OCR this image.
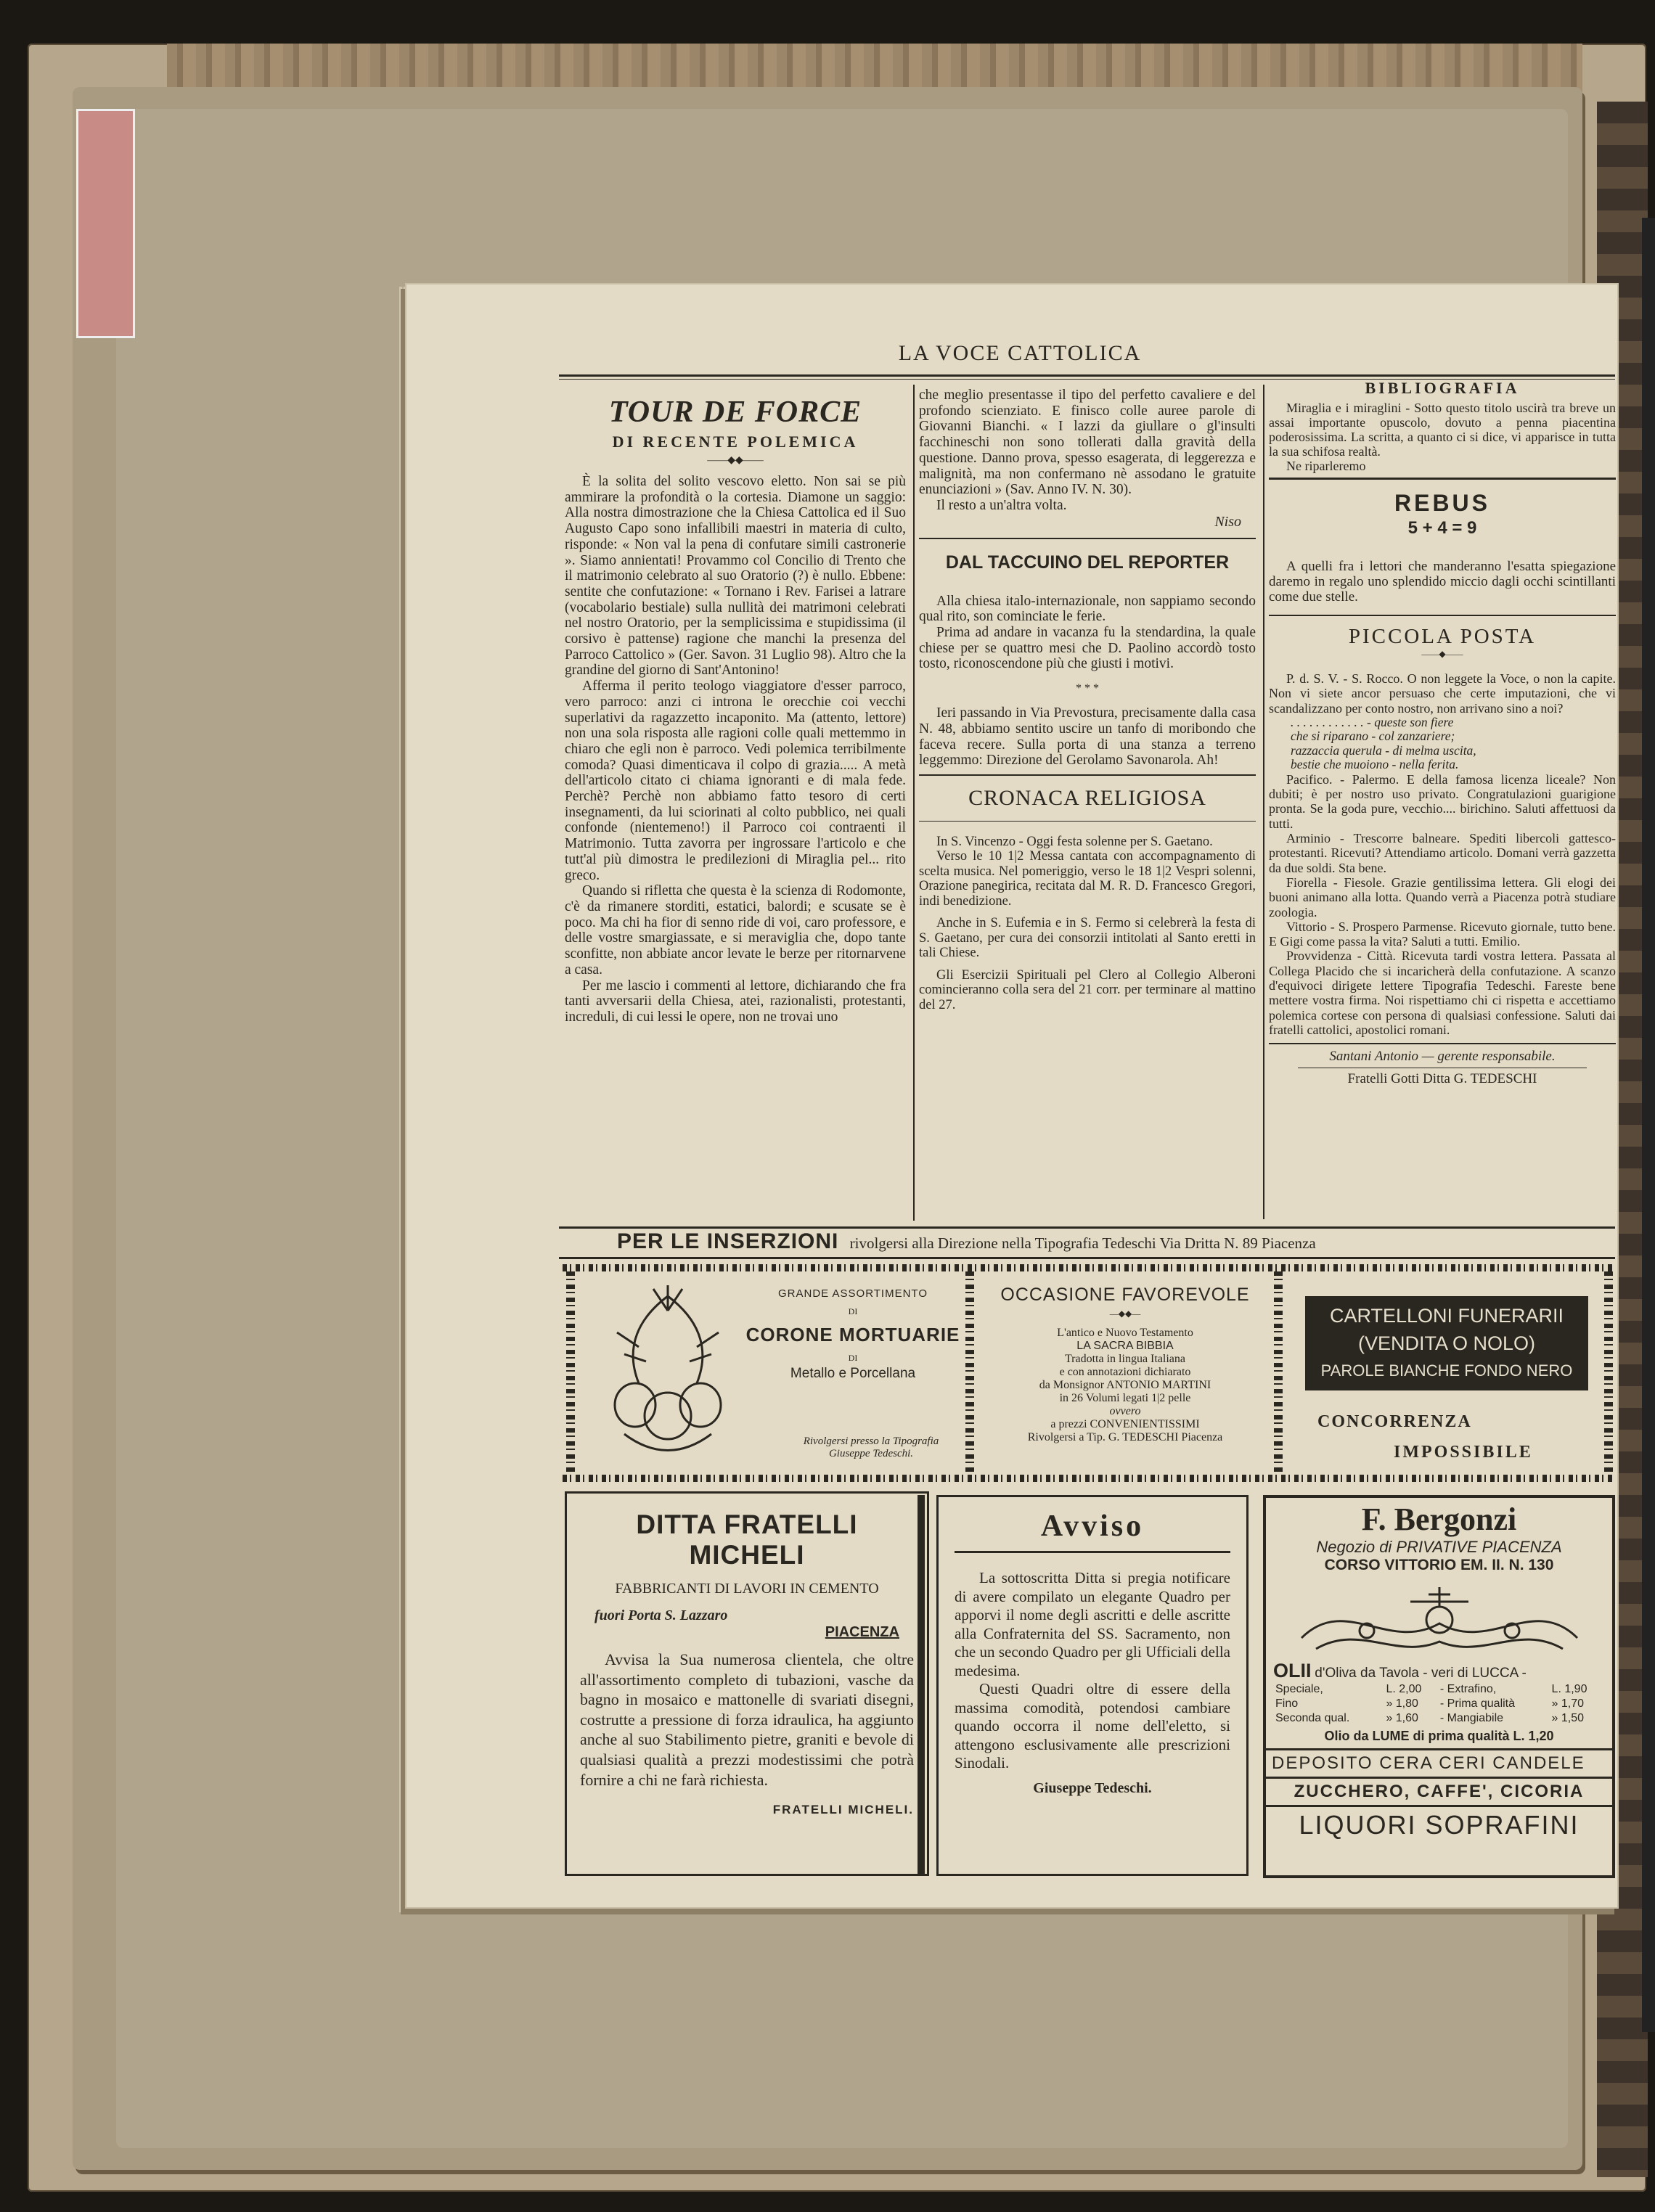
LA VOCE CATTOLICA
TOUR DE FORCE
DI RECENTE POLEMICA
——◆◆——

È la solita del solito vescovo eletto. Non sai se più ammirare la profondità o la cortesia. Diamone un saggio: Alla nostra dimostrazione che la Chiesa Cattolica ed il Suo Augusto Capo sono infallibili maestri in materia di culto, risponde: « Non val la pena di confutare simili castronerie ». Siamo annientati! Provammo col Concilio di Trento che il matrimonio celebrato al suo Oratorio (?) è nullo. Ebbene: sentite che confutazione: « Tornano i Rev. Farisei a latrare (vocabolario bestiale) sulla nullità dei matrimoni celebrati nel nostro Oratorio, per la semplicissima e stupidissima (il corsivo è pattense) ragione che manchi la presenza del Parroco Cattolico » (Ger. Savon. 31 Luglio 98). Altro che la grandine del giorno di Sant'Antonino!

Afferma il perito teologo viaggiatore d'esser parroco, vero parroco: anzi ci introna le orecchie coi vecchi superlativi da ragazzetto incaponito. Ma (attento, lettore) non una sola risposta alle ragioni colle quali mettemmo in chiaro che egli non è parroco. Vedi polemica terribilmente comoda? Quasi dimenticava il colpo di grazia..... A metà dell'articolo citato ci chiama ignoranti e di mala fede. Perchè? Perchè non abbiamo fatto tesoro di certi insegnamenti, da lui sciorinati al colto pubblico, nei quali confonde (nientemeno!) il Parroco coi contraenti il Matrimonio. Tutta zavorra per ingrossare l'articolo e che tutt'al più dimostra le predilezioni di Miraglia pel... rito greco.

Quando si rifletta che questa è la scienza di Rodomonte, c'è da rimanere storditi, estatici, balordi; e scusate se è poco. Ma chi ha fior di senno ride di voi, caro professore, e delle vostre smargiassate, e si meraviglia che, dopo tante sconfitte, non abbiate ancor levate le berze per ritornarvene a casa.

Per me lascio i commenti al lettore, dichiarando che fra tanti avversarii della Chiesa, atei, razionalisti, protestanti, increduli, di cui lessi le opere, non ne trovai uno

che meglio presentasse il tipo del perfetto cavaliere e del profondo scienziato. E finisco colle auree parole di Giovanni Bianchi. « I lazzi da giullare o gl'insulti facchineschi non sono tollerati dalla gravità della questione. Danno prova, spesso esagerata, di leggerezza e malignità, ma non confermano nè assodano le gratuite enunciazioni » (Sav. Anno IV. N. 30).

Il resto a un'altra volta.

Niso
DAL TACCUINO DEL REPORTER

Alla chiesa italo-internazionale, non sappiamo secondo qual rito, son cominciate le ferie.

Prima ad andare in vacanza fu la stendardina, la quale chiese per se quattro mesi che D. Paolino accordò tosto tosto, riconoscendone più che giusti i motivi.

* * *

Ieri passando in Via Prevostura, precisamente dalla casa N. 48, abbiamo sentito uscire un tanfo di moribondo che faceva recere. Sulla porta di una stanza a terreno leggemmo: Direzione del Gerolamo Savonarola. Ah!

CRONACA RELIGIOSA

In S. Vincenzo - Oggi festa solenne per S. Gaetano.

Verso le 10 1|2 Messa cantata con accompagnamento di scelta musica. Nel pomeriggio, verso le 18 1|2 Vespri solenni, Orazione panegirica, recitata dal M. R. D. Francesco Gregori, indi benedizione.

Anche in S. Eufemia e in S. Fermo si celebrerà la festa di S. Gaetano, per cura dei consorzii intitolati al Santo eretti in tali Chiese.

Gli Esercizii Spirituali pel Clero al Collegio Alberoni comincieranno colla sera del 21 corr. per terminare al mattino del 27.

BIBLIOGRAFIA

Miraglia e i miraglini - Sotto questo titolo uscirà tra breve un assai importante opuscolo, dovuto a penna piacentina poderosissima. La scritta, a quanto ci si dice, vi apparisce in tutta la sua schifosa realtà.

Ne riparleremo

REBUS
5 + 4 = 9

A quelli fra i lettori che manderanno l'esatta spiegazione daremo in regalo uno splendido miccio dagli occhi scintillanti come due stelle.

PICCOLA POSTA
——◆——

P. d. S. V. - S. Rocco. O non leggete la Voce, o non la capite. Non vi siete ancor persuaso che certe imputazioni, che vi scandalizzano per conto nostro, non arrivano sino a noi?

. . . . . . . . . . . . - queste son fiere
che si riparano - col zanzariere;
razzaccia querula - di melma uscita,
bestie che muoiono - nella ferita.

Pacifico. - Palermo. E della famosa licenza liceale? Non dubiti; è per nostro uso privato. Congratulazioni guarigione pronta. Se la goda pure, vecchio.... birichino. Saluti affettuosi da tutti.

Arminio - Trescorre balneare. Spediti libercoli gattesco-protestanti. Ricevuti? Attendiamo articolo. Domani verrà gazzetta da due soldi. Sta bene.

Fiorella - Fiesole. Grazie gentilissima lettera. Gli elogi dei buoni animano alla lotta. Quando verrà a Piacenza potrà studiare zoologia.

Vittorio - S. Prospero Parmense. Ricevuto giornale, tutto bene. E Gigi come passa la vita? Saluti a tutti. Emilio.

Provvidenza - Città. Ricevuta tardi vostra lettera. Passata al Collega Placido che si incaricherà della confutazione. A scanzo d'equivoci dirigete lettere Tipografia Tedeschi. Fareste bene mettere vostra firma. Noi rispettiamo chi ci rispetta e accettiamo polemica cortese con persona di qualsiasi confessione. Saluti dai fratelli cattolici, apostolici romani.

Santani Antonio — gerente responsabile.
Fratelli Gotti Ditta G. TEDESCHI
PER LE INSERZIONI rivolgersi alla Direzione nella Tipografia Tedeschi Via Dritta N. 89 Piacenza
GRANDE ASSORTIMENTO
DI
CORONE MORTUARIE
DI
Metallo e Porcellana
Rivolgersi presso la Tipografia Giuseppe Tedeschi.
OCCASIONE FAVOREVOLE
—◆◆—
L'antico e Nuovo Testamento
LA SACRA BIBBIA
Tradotta in lingua Italiana
e con annotazioni dichiarato
da Monsignor ANTONIO MARTINI
in 26 Volumi legati 1|2 pelle
ovvero
a prezzi CONVENIENTISSIMI
Rivolgersi a Tip. G. TEDESCHI Piacenza
CARTELLONI FUNERARII
(VENDITA O NOLO)
PAROLE BIANCHE FONDO NERO
CONCORRENZA
IMPOSSIBILE
DITTA FRATELLI MICHELI
FABBRICANTI DI LAVORI IN CEMENTO
fuori Porta S. Lazzaro
PIACENZA
Avvisa la Sua numerosa clientela, che oltre all'assortimento completo di tubazioni, vasche da bagno in mosaico e mattonelle di svariati disegni, costrutte a pressione di forza idraulica, ha aggiunto anche al suo Stabilimento pietre, graniti e bevole di qualsiasi qualità a prezzi modestissimi che potrà fornire a chi ne farà richiesta.
FRATELLI MICHELI.
Avviso
La sottoscritta Ditta si pregia notificare di avere compilato un elegante Quadro per apporvi il nome degli ascritti e delle ascritte alla Confraternita del SS. Sacramento, non che un secondo Quadro per gli Ufficiali della medesima.
Questi Quadri oltre di essere della massima comodità, potendosi cambiare quando occorra il nome dell'eletto, si attengono esclusivamente alle prescrizioni Sinodali.
Giuseppe Tedeschi.
F. Bergonzi
Negozio di PRIVATIVE PIACENZA
CORSO VITTORIO EM. II. N. 130
OLII d'Oliva da Tavola - veri di LUCCA -
Speciale,	L. 2,00	- Extrafino,	L. 1,90
Fino	» 1,80	- Prima qualità	» 1,70
Seconda qual.	» 1,60	- Mangiabile	» 1,50
Olio da LUME di prima qualità L. 1,20
DEPOSITO CERA CERI CANDELE
ZUCCHERO, CAFFE', CICORIA
LIQUORI SOPRAFINI
